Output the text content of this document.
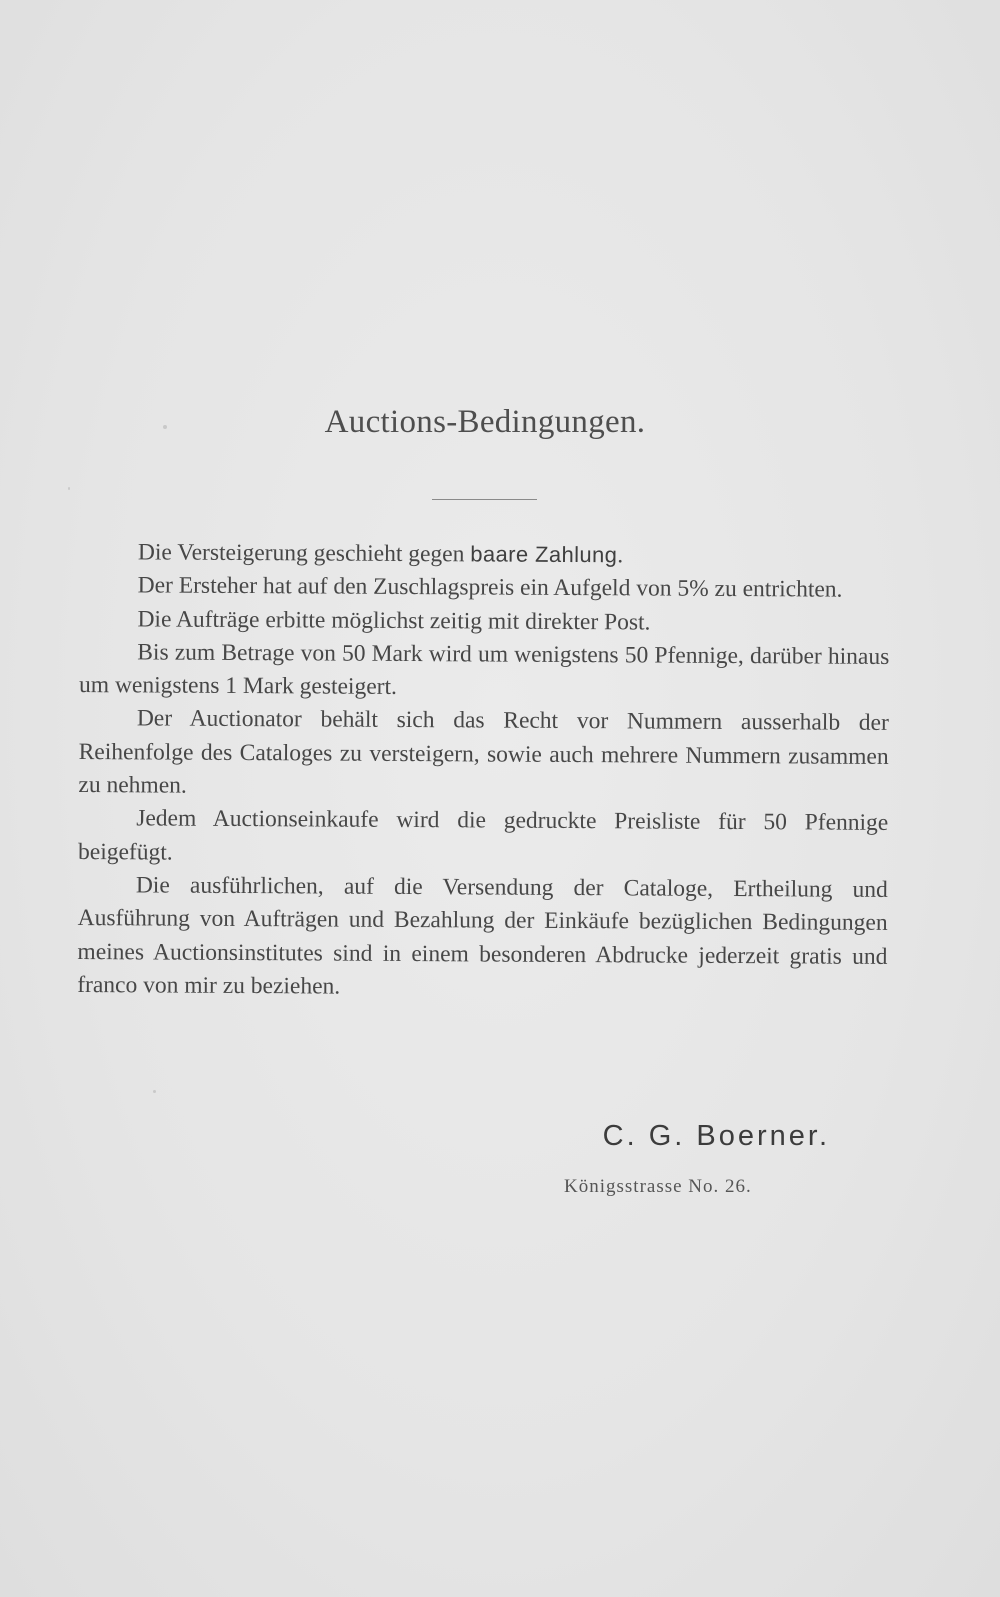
Auctions-Bedingungen.

Die Versteigerung geschieht gegen baare Zahlung.

Der Ersteher hat auf den Zuschlagspreis ein Aufgeld von 5% zu entrichten.

Die Aufträge erbitte möglichst zeitig mit direkter Post.

Bis zum Betrage von 50 Mark wird um wenigstens 50 Pfennige, darüber hinaus um wenigstens 1 Mark gesteigert.

Der Auctionator behält sich das Recht vor Nummern ausserhalb der Reihenfolge des Cataloges zu versteigern, sowie auch mehrere Nummern zusammen zu nehmen.

Jedem Auctionseinkaufe wird die gedruckte Preisliste für 50 Pfennige beigefügt.

Die ausführlichen, auf die Versendung der Cataloge, Ertheilung und Ausführung von Aufträgen und Bezahlung der Einkäufe bezüglichen Bedingungen meines Auctionsinstitutes sind in einem besonderen Abdrucke jederzeit gratis und franco von mir zu beziehen.

C. G. Boerner.
Königsstrasse No. 26.
